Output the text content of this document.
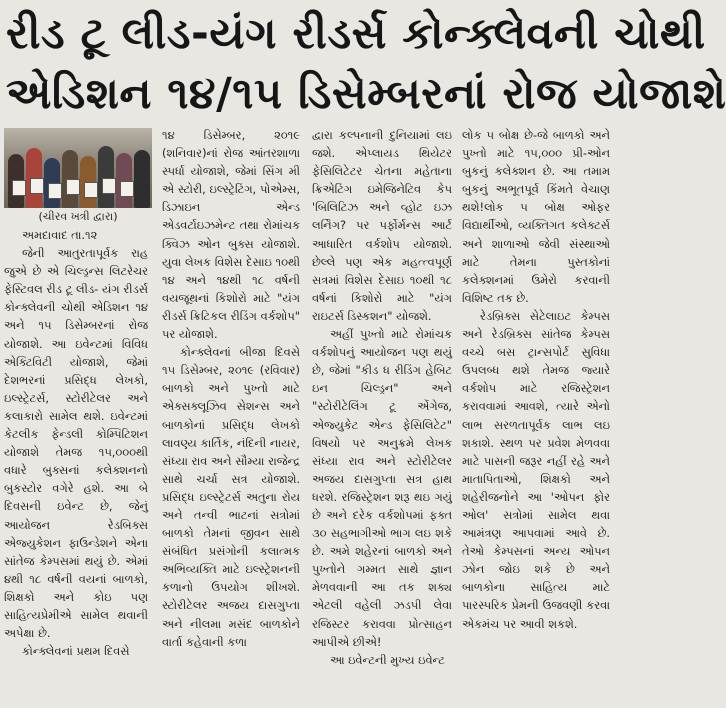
રીડ ટૂ લીડ-યંગ રીડર્સ કોન્ક્લેવની ચોથી
એડિશન ૧૪/૧૫ ડિસેમ્બરનાં રોજ યોજાશે
(ચીરવ ખત્રી દ્વારા)

અમદાવાદ તા.૧૨

જેની આતુરતાપૂર્વક રાહ જુએ છે એ ચિલ્ડ્રન્સ લિટરેચર ફેસ્ટિવલ રીડ ટૂ લીડ- યંગ રીડર્સ કોન્ક્લેવની ચોથી એડિશન ૧૪ અને ૧૫ ડિસેમ્બરનાં રોજ યોજાશે. આ ઇવેન્ટમાં વિવિધ એક્ટિવિટી યોજાશે, જેમાં દેશભરનાં પ્રસિદ્ધ લેખકો, ઇલ્સ્ટ્રેટર્સ, સ્ટોરીટેલર અને કલાકારો સામેલ થશે. ઇવેન્ટમાં કેટલીક ફેન્ડલી કોમ્પિટિશન યોજાશે તેમજ ૧૫,૦૦૦થી વધારે બુક્સનાં કલેક્શનનો બુકસ્ટોર વગેરે હશે. આ બે દિવસની ઇવેન્ટ છે, જેનું આયોજન રેડબિક્સ એજ્યુકેશન ફાઉન્ડેશને એના સાંતેજ કેમ્પસમાં થયું છે. એમાં ૪થી ૧૮ વર્ષની વયનાં બાળકો, શિક્ષકો અને કોઇ પણ સાહિત્યપ્રેમીએ સામેલ થવાની અપેક્ષા છે.

કોન્ક્લેવનાં પ્રથમ દિવસે

૧૪ ડિસેમ્બર, ૨૦૧૯ (શનિવાર)નાં રોજ આંતરશાળા સ્પર્ધા યોજાશે, જેમાં સિંગ મી એ સ્ટોરી, ઇલ્સ્ટ્રેટિંગ, પોએમ્સ, ડિઝાઇન એન્ડ એડવર્ટાઇઝમેન્ટ તથા રોમાંચક ક્વિઝ ઓન બુક્સ યોજાશે. યુવા લેખક વિશેસ દેસાઇ ૧૦થી ૧૪ અને ૧૪થી ૧૮ વર્ષની વયજૂથનાં કિશોરો માટે "યંગ રીડર્સ ક્રિટિકલ રીડિંગ વર્કશોપ" પર યોજાશે.

કોન્ક્લેવનાં બીજા દિવસે ૧૫ ડિસેમ્બર, ૨૦૧૯ (રવિવાર) બાળકો અને પુખ્તો માટે એક્સક્લૂઝિવ સેશન્સ અને બાળકોનાં પ્રસિદ્ધ લેખકો લાવણ્ય કાર્તિક, નંદિની નાયર, સંધ્યા રાવ અને સૌમ્યા રાજેન્દ્ર સાથે ચર્ચા સત્ર યોજાશે. પ્રસિદ્ધ ઇલ્સ્ટ્રેટર્સ અતુના રોય અને તન્વી ભાટનાં સત્રોમાં બાળકો તેમનાં જીવન સાથે સંબંધિત પ્રસંગોની કલાત્મક અભિવ્યક્તિ માટે ઇલ્સ્ટ્રેશનની કળાનો ઉપયોગ શીખશે. સ્ટોરીટેલર અજય દાસગુપ્તા અને નીલમા મસંદ બાળકોને વાર્તા કહેવાની કળા

દ્વારા કલ્પનાની દુનિયામાં લઇ જશે. એપ્લાયડ થિયેટર ફેસિલિટેટર ચેતના મહેતાના ક્રિએટિંગ ઇમેજિનેટિવ કેપ 'બિલિટિઝ અને વ્હોટ ઇઝ લર્નિંગ? પર પર્ફોર્મન્સ આર્ટ આધારિત વર્કશોપ યોજાશે. છેલ્લે પણ એક મહત્ત્વપૂર્ણ સત્રમાં વિશેસ દેસાઇ ૧૦થી ૧૮ વર્ષનાં કિશોરો માટે "યંગ રાઇટર્સ ડિસ્કશન" યોજશે.

અહીં પુખ્તો માટે રોમાંચક વર્કશોપનું આયોજન પણ થયું છે, જેમાં "કીડ ધ રીડિંગ હેબિટ ઇન ચિલ્ડ્રન" અને "સ્ટોરીટેલિંગ ટૂ એંગેજ, એજ્યુકેટ એન્ડ ફેસિલિટેટ" વિષયો પર અનુક્રમે લેખક સંધ્યા રાવ અને સ્ટોરીટેલર અજય દાસગુપ્તા સત્ર હાથ ધરશે. રજિસ્ટ્રેશન શરૂ થઇ ગયું છે અને દરેક વર્કશોપમાં ફક્ત ૩૦ સહભાગીઓ ભાગ લઇ શકે છે. અમે શહેરનાં બાળકો અને પુખ્તોને ગમ્મત સાથે જ્ઞાન મેળવવાની આ તક શક્ય એટલી વહેલી ઝડપી લેવા રજિસ્ટર કરાવવા પ્રોત્સાહન આપીએ છીએ!

આ ઇવેન્ટની મુખ્ય ઇવેન્ટ

લોક ૫ બોક્ષ છે-જે બાળકો અને પુખ્તો માટે ૧૫,૦૦૦ પ્રી-ઓન બુકનું કલેક્શન છે. આ તમામ બુકનું અભૂતપૂર્વ કિંમતે વેચાણ થશે!લોક ૫ બોક્ષ ઓફર વિદ્યાર્થીઓ, વ્યક્તિગત કલેક્ટર્સ અને શાળાઓ જેવી સંસ્થાઓ માટે તેમના પુસ્તકોનાં કલેક્શનમાં ઉમેરો કરવાની વિશિષ્ટ તક છે.

રેડબ્રિક્સ સેટેલાઇટ કેમ્પસ અને રેડબ્રિક્સ સાંતેજ કેમ્પસ વચ્ચે બસ ટ્રાન્સપોર્ટ સુવિધા ઉપલબ્ધ થશે તેમજ જ્યારે વર્કશોપ માટે રજિસ્ટ્રેશન કરાવવામાં આવશે, ત્યારે એનો લાભ સરળતાપૂર્વક લાભ લઇ શકાશે. સ્થળ પર પ્રવેશ મેળવવા માટે પાસની જરૂર નહીં રહે અને માતાપિતાઓ, શિક્ષકો અને શહેરીજનોને આ 'ઓપન ફોર ઓલ' સત્રોમાં સામેલ થવા આમંત્રણ આપવામાં આવે છે. તેઓ કેમ્પસનાં અન્ય ઓપન ઝોન જોઇ શકે છે અને બાળકોના સાહિત્ય માટે પારસ્પરિક પ્રેમની ઉજવણી કરવા એકમંચ પર આવી શકશે.
